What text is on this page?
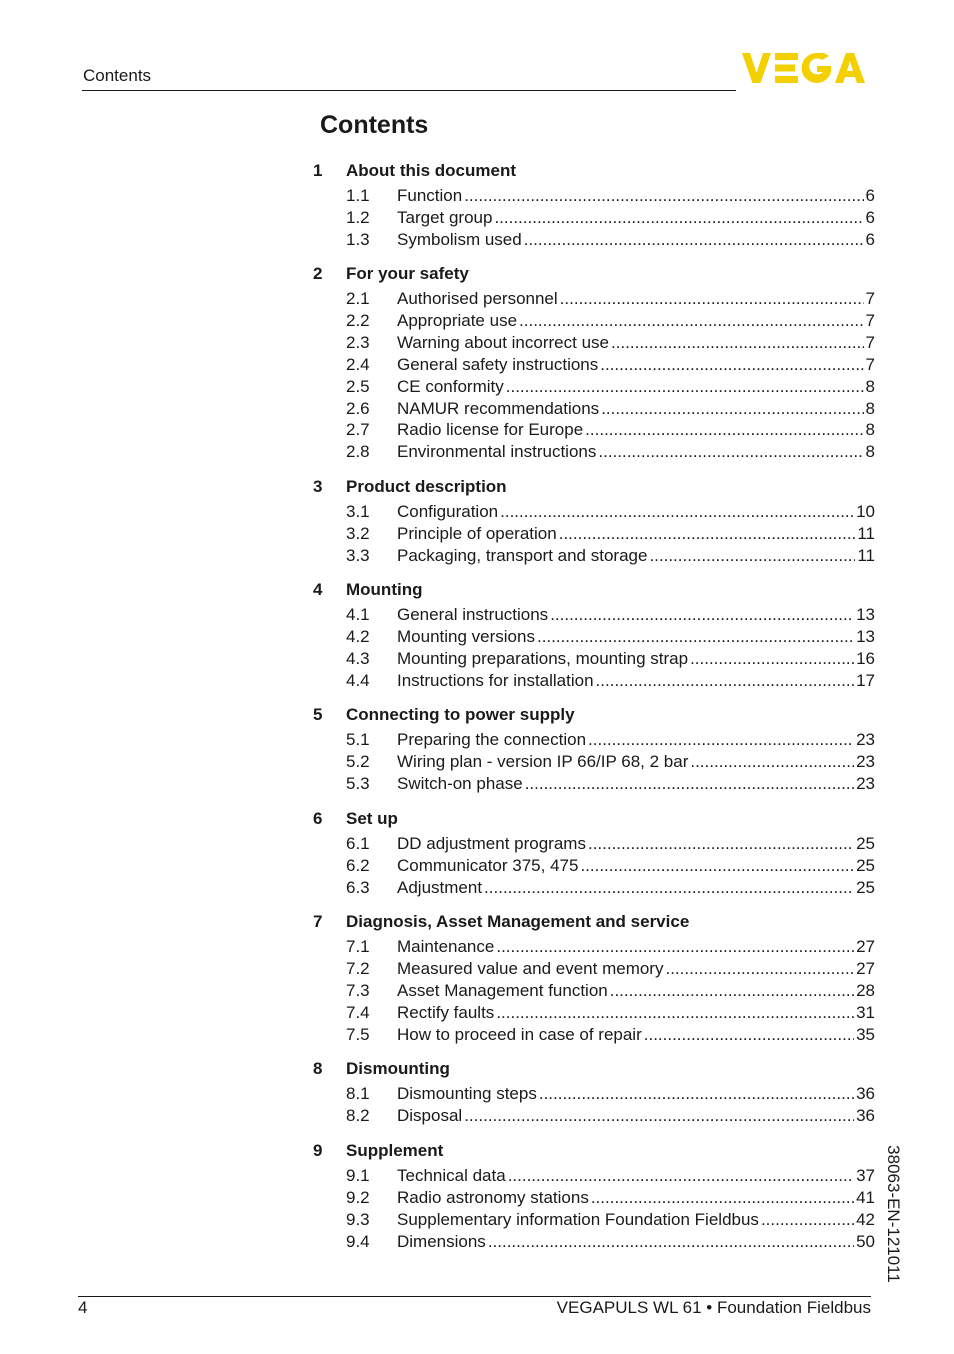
Contents
Contents
1 About this document
1.1 Function .....	6
1.2 Target group .....	6
1.3 Symbolism used .....	6
2 For your safety
2.1 Authorised personnel .....	7
2.2 Appropriate use .....	7
2.3 Warning about incorrect use .....	7
2.4 General safety instructions .....	7
2.5 CE conformity .....	8
2.6 NAMUR recommendations .....	8
2.7 Radio license for Europe .....	8
2.8 Environmental instructions .....	8
3 Product description
3.1 Configuration .....	10
3.2 Principle of operation .....	11
3.3 Packaging, transport and storage .....	11
4 Mounting
4.1 General instructions .....	13
4.2 Mounting versions .....	13
4.3 Mounting preparations, mounting strap .....	16
4.4 Instructions for installation .....	17
5 Connecting to power supply
5.1 Preparing the connection .....	23
5.2 Wiring plan - version IP 66/IP 68, 2 bar .....	23
5.3 Switch-on phase .....	23
6 Set up
6.1 DD adjustment programs .....	25
6.2 Communicator 375, 475 .....	25
6.3 Adjustment .....	25
7 Diagnosis, Asset Management and service
7.1 Maintenance .....	27
7.2 Measured value and event memory .....	27
7.3 Asset Management function .....	28
7.4 Rectify faults .....	31
7.5 How to proceed in case of repair .....	35
8 Dismounting
8.1 Dismounting steps .....	36
8.2 Disposal .....	36
9 Supplement
9.1 Technical data .....	37
9.2 Radio astronomy stations .....	41
9.3 Supplementary information Foundation Fieldbus .....	42
9.4 Dimensions .....	50
4	VEGAPULS WL 61 • Foundation Fieldbus
38063-EN-121011
